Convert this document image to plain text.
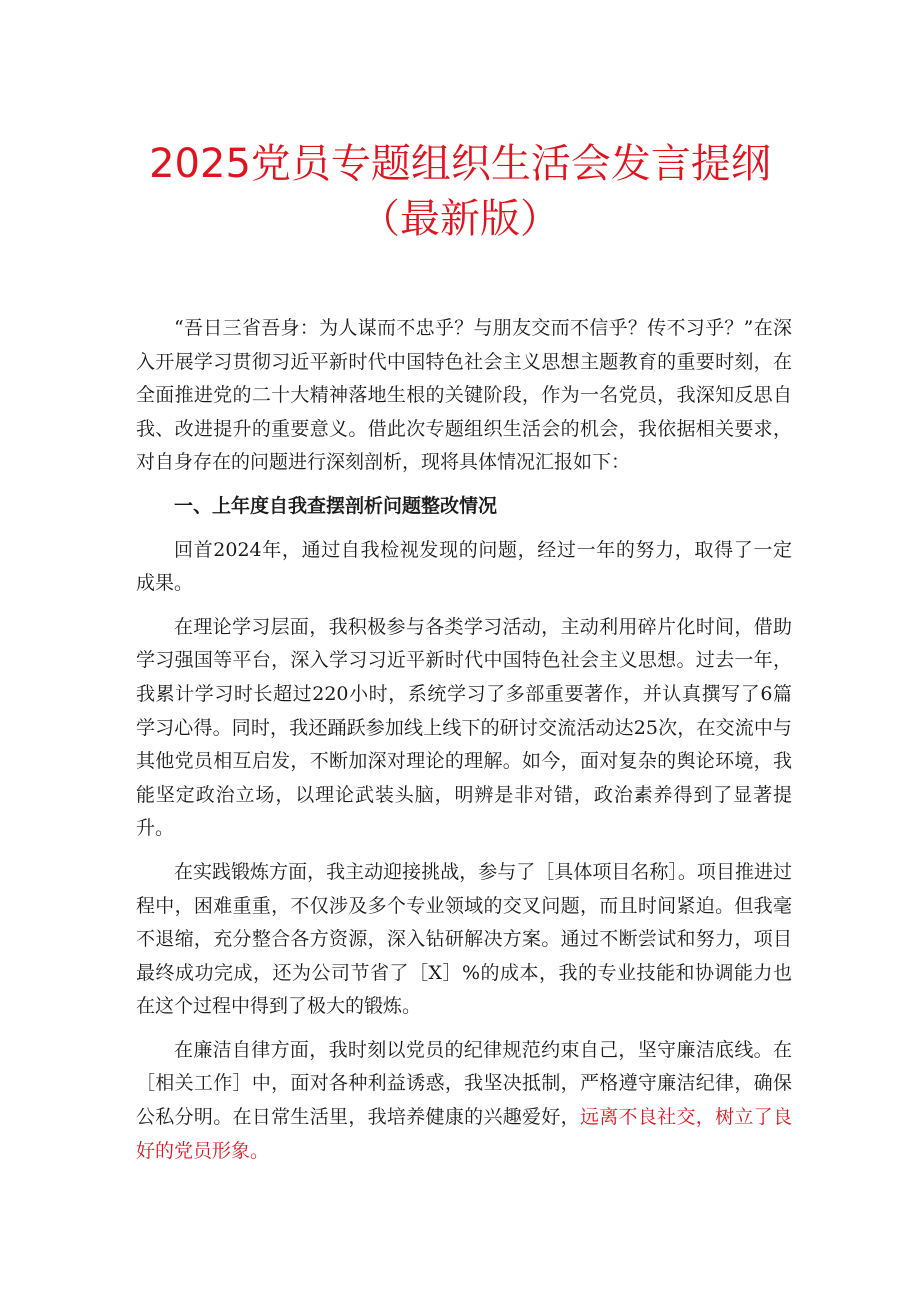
2025党员专题组织生活会发言提纲
（最新版）

“吾日三省吾身：为人谋而不忠乎？与朋友交而不信乎？传不习乎？”在深入开展学习贯彻习近平新时代中国特色社会主义思想主题教育的重要时刻，在全面推进党的二十大精神落地生根的关键阶段，作为一名党员，我深知反思自我、改进提升的重要意义。借此次专题组织生活会的机会，我依据相关要求，对自身存在的问题进行深刻剖析，现将具体情况汇报如下：

一、上年度自我查摆剖析问题整改情况

回首2024年，通过自我检视发现的问题，经过一年的努力，取得了一定成果。

在理论学习层面，我积极参与各类学习活动，主动利用碎片化时间，借助学习强国等平台，深入学习习近平新时代中国特色社会主义思想。过去一年，我累计学习时长超过220小时，系统学习了多部重要著作，并认真撰写了6篇学习心得。同时，我还踊跃参加线上线下的研讨交流活动达25次，在交流中与其他党员相互启发，不断加深对理论的理解。如今，面对复杂的舆论环境，我能坚定政治立场，以理论武装头脑，明辨是非对错，政治素养得到了显著提升。

在实践锻炼方面，我主动迎接挑战，参与了［具体项目名称］。项目推进过程中，困难重重，不仅涉及多个专业领域的交叉问题，而且时间紧迫。但我毫不退缩，充分整合各方资源，深入钻研解决方案。通过不断尝试和努力，项目最终成功完成，还为公司节省了［X］%的成本，我的专业技能和协调能力也在这个过程中得到了极大的锻炼。

在廉洁自律方面，我时刻以党员的纪律规范约束自己，坚守廉洁底线。在［相关工作］中，面对各种利益诱惑，我坚决抵制，严格遵守廉洁纪律，确保公私分明。在日常生活里，我培养健康的兴趣爱好，远离不良社交，树立了良好的党员形象。
